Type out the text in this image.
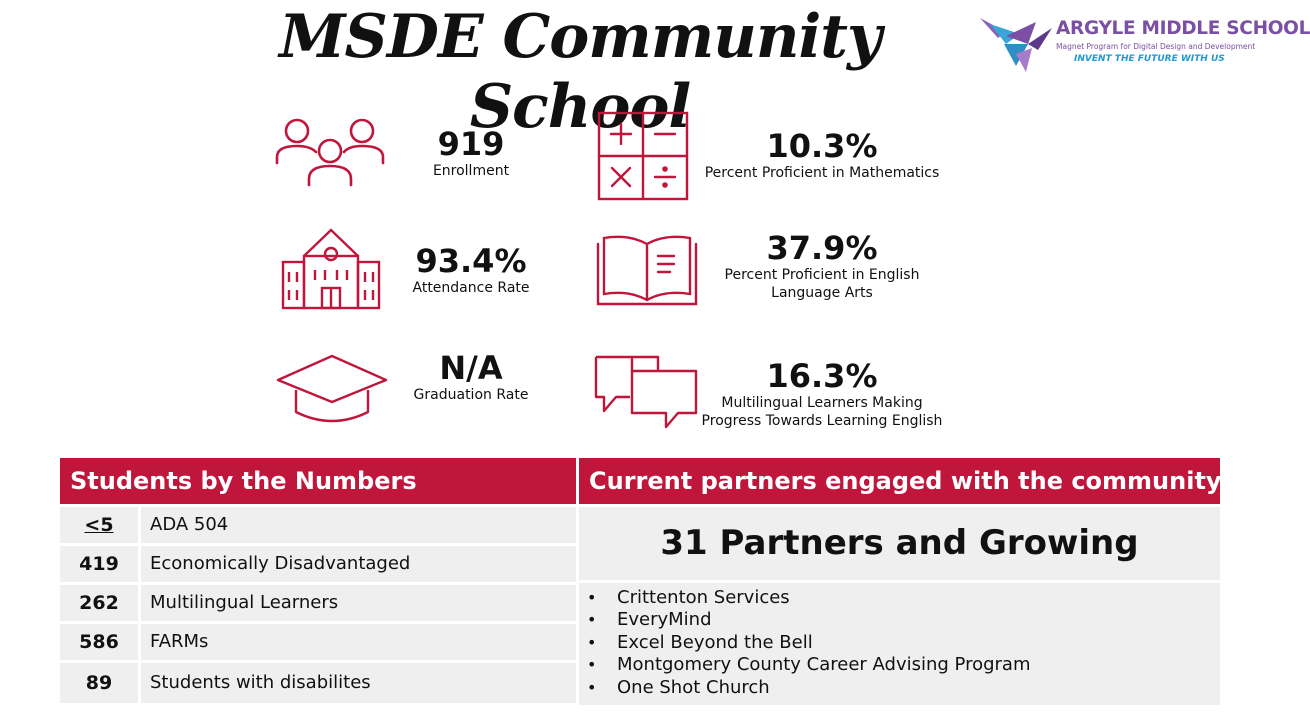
MSDE Community School
ARGYLE MIDDLE SCHOOL
Magnet Program for Digital Design and Development
INVENT THE FUTURE WITH US
919
Enrollment
93.4%
Attendance Rate
N/A
Graduation Rate
10.3%
Percent Proficient in Mathematics
37.9%
Percent Proficient in English
Language Arts
16.3%
Multilingual Learners Making
Progress Towards Learning English
Students by the Numbers
<5	ADA 504
419	Economically Disadvantaged
262	Multilingual Learners
586	FARMs
89	Students with disabilites
Current partners engaged with the community…
31 Partners and Growing
• Crittenton Services
• EveryMind
• Excel Beyond the Bell
• Montgomery County Career Advising Program
• One Shot Church
